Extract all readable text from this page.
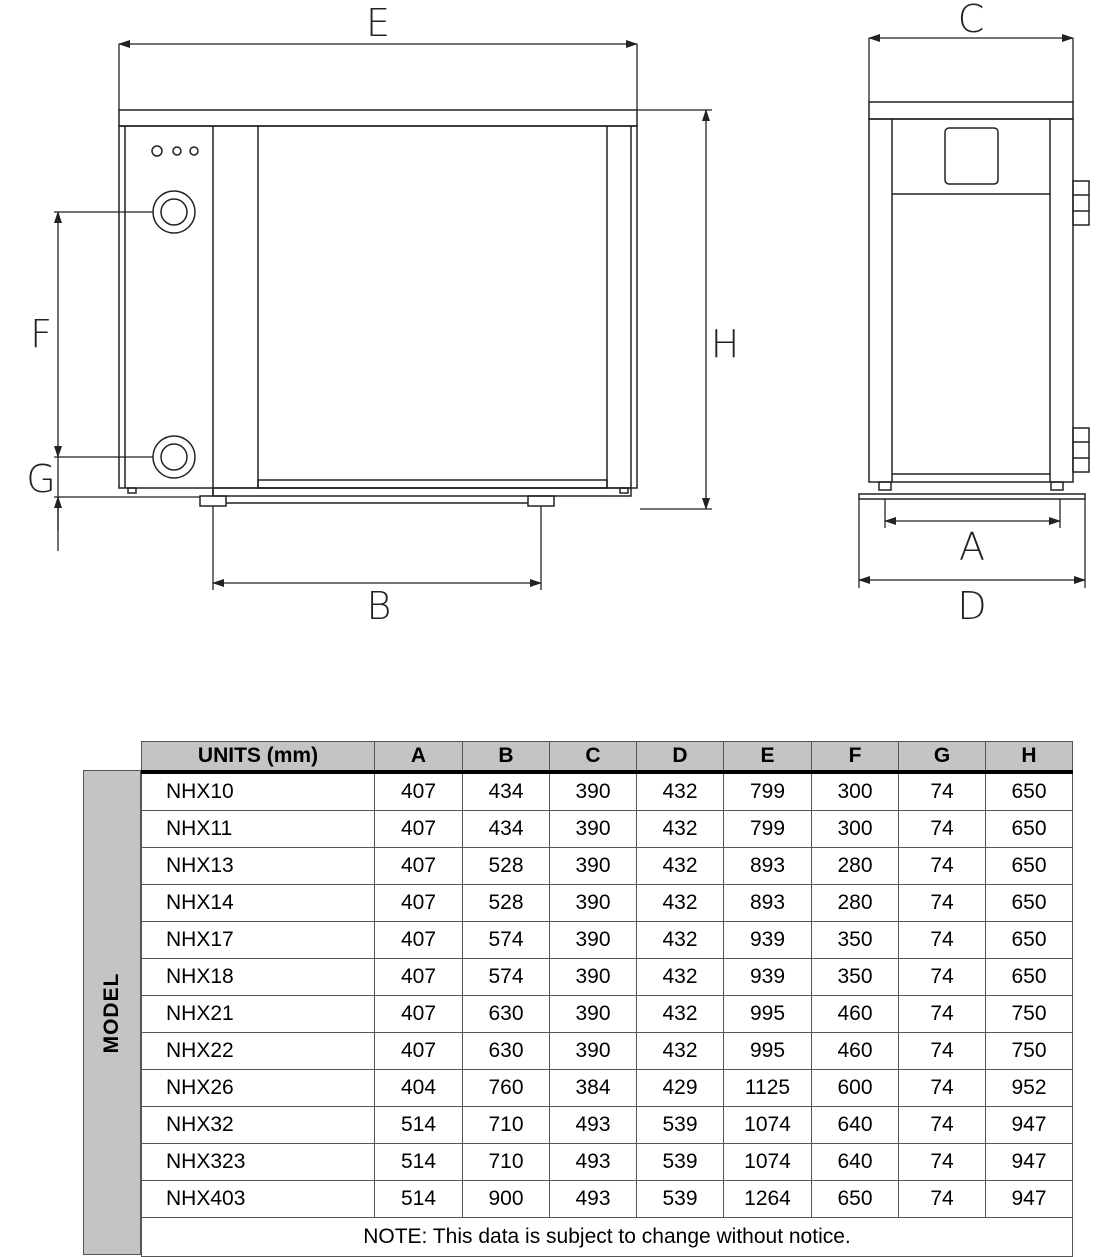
E	C
F
G
H
B
A
D
MODEL
UNITS (mm)	A	B	C	D	E	F	G	H
NHX10	407	434	390	432	799	300	74	650
NHX11	407	434	390	432	799	300	74	650
NHX13	407	528	390	432	893	280	74	650
NHX14	407	528	390	432	893	280	74	650
NHX17	407	574	390	432	939	350	74	650
NHX18	407	574	390	432	939	350	74	650
NHX21	407	630	390	432	995	460	74	750
NHX22	407	630	390	432	995	460	74	750
NHX26	404	760	384	429	1125	600	74	952
NHX32	514	710	493	539	1074	640	74	947
NHX323	514	710	493	539	1074	640	74	947
NHX403	514	900	493	539	1264	650	74	947
NOTE: This data is subject to change without notice.								
